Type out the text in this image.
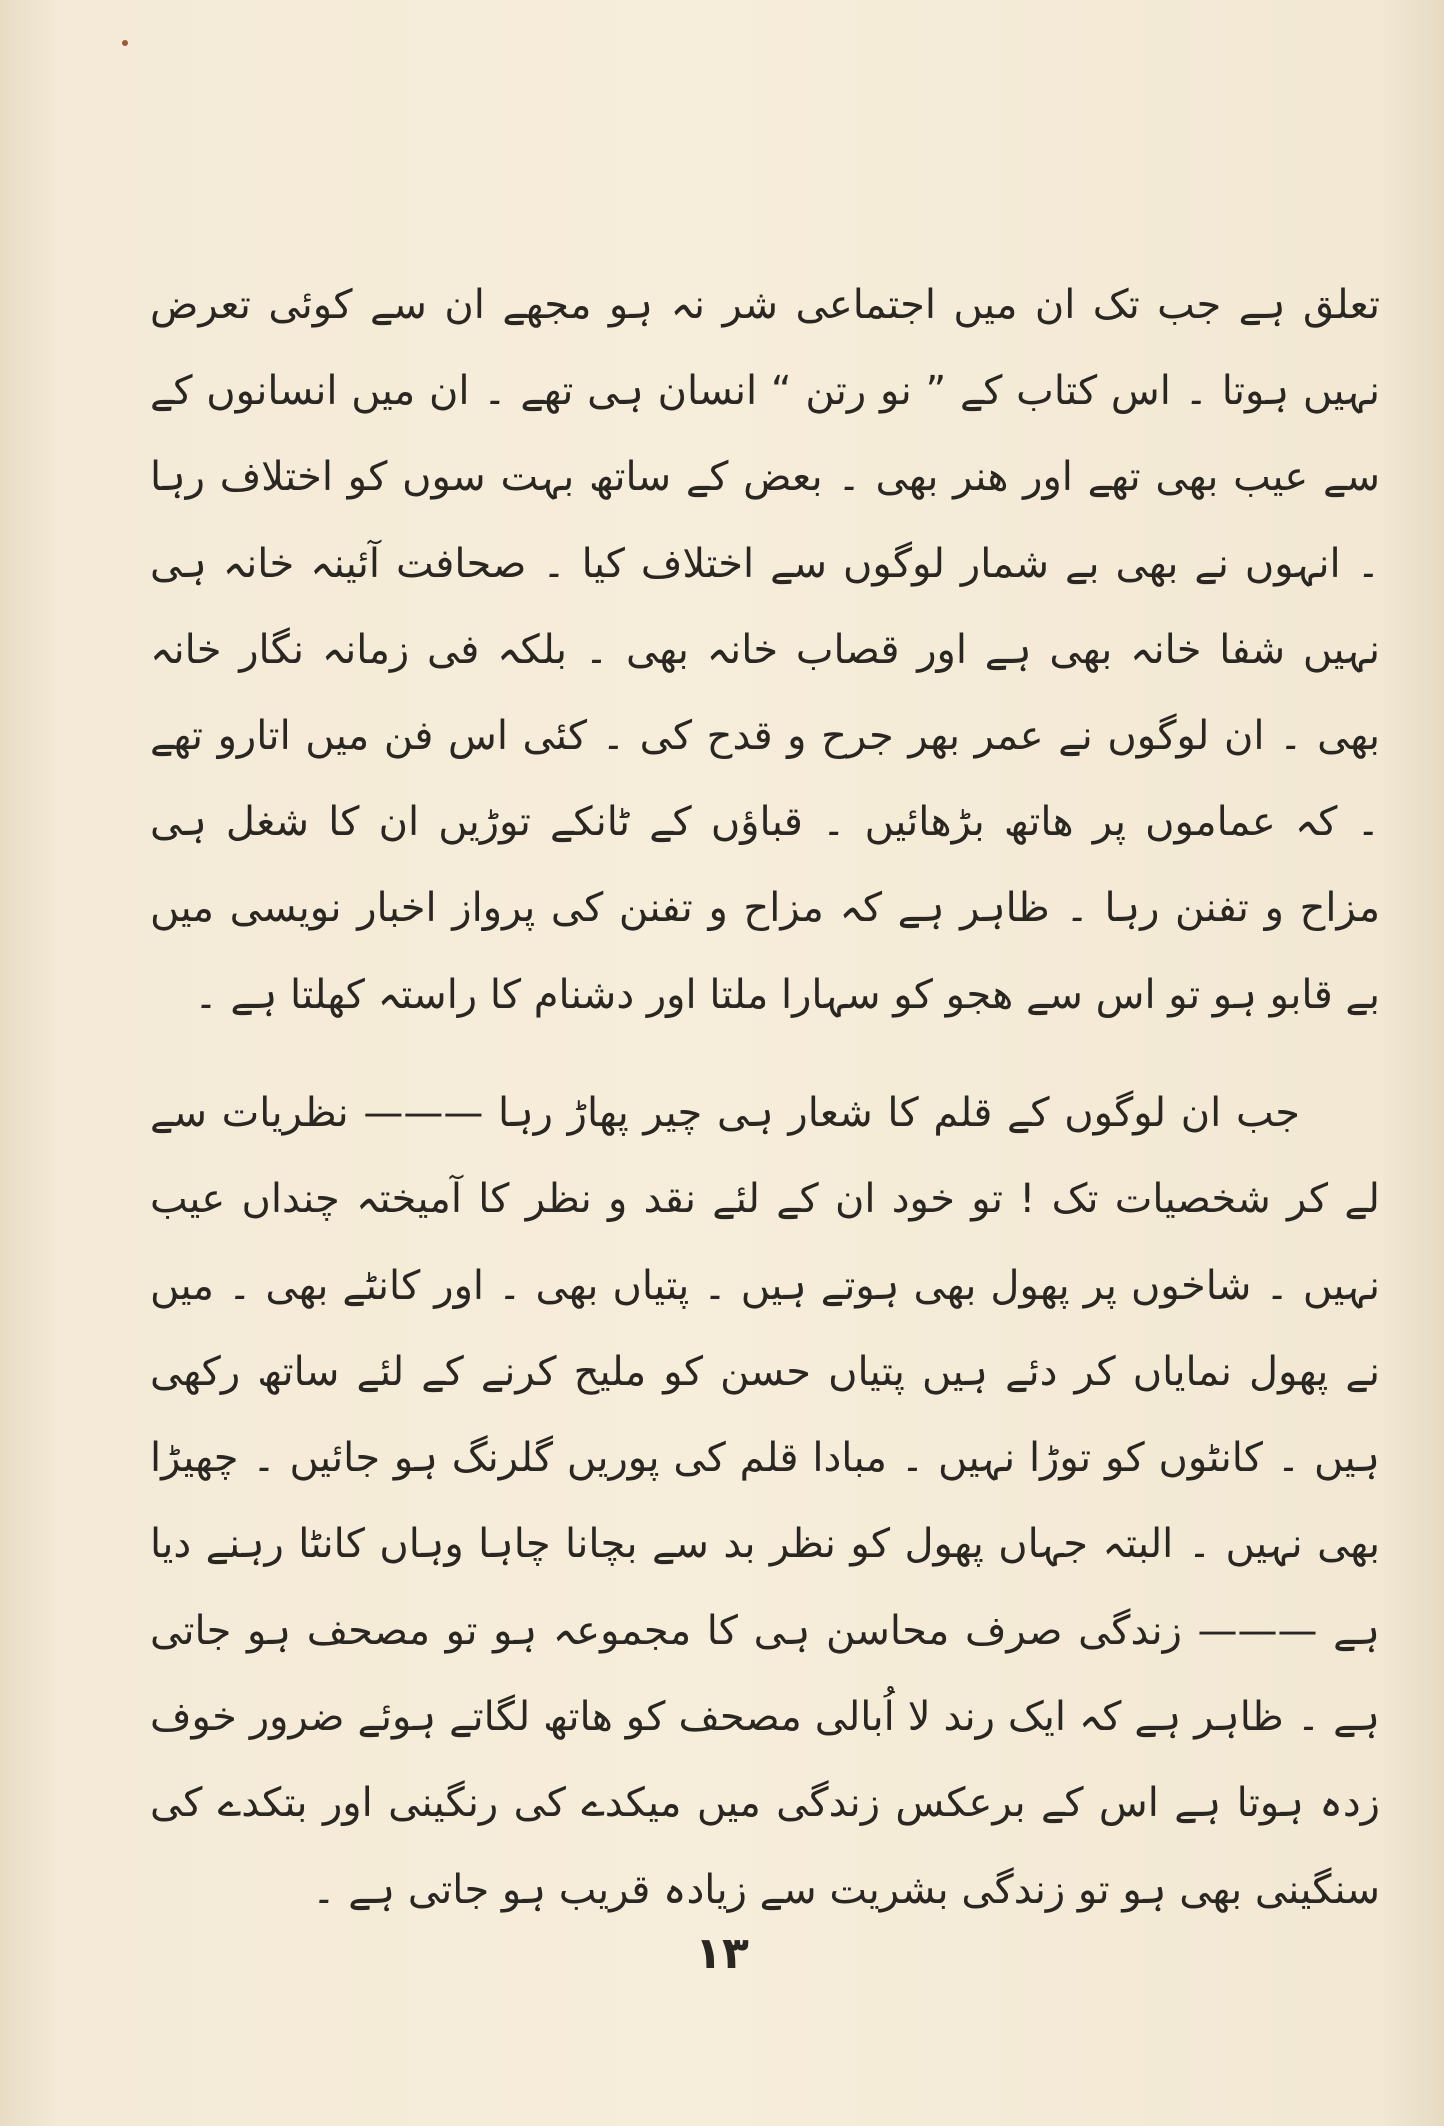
تعلق ہے جب تک ان میں اجتماعی شر نہ ہو مجھے ان سے کوئی تعرض نہیں ہوتا ۔ اس کتاب کے ” نو رتن “ انسان ہی تھے ۔ ان میں انسانوں کے سے عیب بھی تھے اور ھنر بھی ۔ بعض کے ساتھ بہت سوں کو اختلاف رہا ۔ انہوں نے بھی بے شمار لوگوں سے اختلاف کیا ۔ صحافت آئینہ خانہ ہی نہیں شفا خانہ بھی ہے اور قصاب خانہ بھی ۔ بلکہ فی زمانہ نگار خانہ بھی ۔ ان لوگوں نے عمر بھر جرح و قدح کی ۔ کئی اس فن میں اتارو تھے ۔ کہ عماموں پر ھاتھ بڑھائیں ۔ قباؤں کے ٹانکے توڑیں ان کا شغل ہی مزاح و تفنن رہا ۔ ظاہر ہے کہ مزاح و تفنن کی پرواز اخبار نویسی میں بے قابو ہو تو اس سے ھجو کو سہارا ملتا اور دشنام کا راستہ کھلتا ہے ۔

جب ان لوگوں کے قلم کا شعار ہی چیر پھاڑ رہا ——— نظریات سے لے کر شخصیات تک ! تو خود ان کے لئے نقد و نظر کا آمیختہ چنداں عیب نہیں ۔ شاخوں پر پھول بھی ہوتے ہیں ۔ پتیاں بھی ۔ اور کانٹے بھی ۔ میں نے پھول نمایاں کر دئے ہیں پتیاں حسن کو ملیح کرنے کے لئے ساتھ رکھی ہیں ۔ کانٹوں کو توڑا نہیں ۔ مبادا قلم کی پوریں گلرنگ ہو جائیں ۔ چھیڑا بھی نہیں ۔ البتہ جہاں پھول کو نظر بد سے بچانا چاہا وہاں کانٹا رہنے دیا ہے ——— زندگی صرف محاسن ہی کا مجموعہ ہو تو مصحف ہو جاتی ہے ۔ ظاہر ہے کہ ایک رند لا اُبالی مصحف کو ھاتھ لگاتے ہوئے ضرور خوف زدہ ہوتا ہے اس کے برعکس زندگی میں میکدے کی رنگینی اور بتکدے کی سنگینی بھی ہو تو زندگی بشریت سے زیادہ قریب ہو جاتی ہے ۔

۱۳
